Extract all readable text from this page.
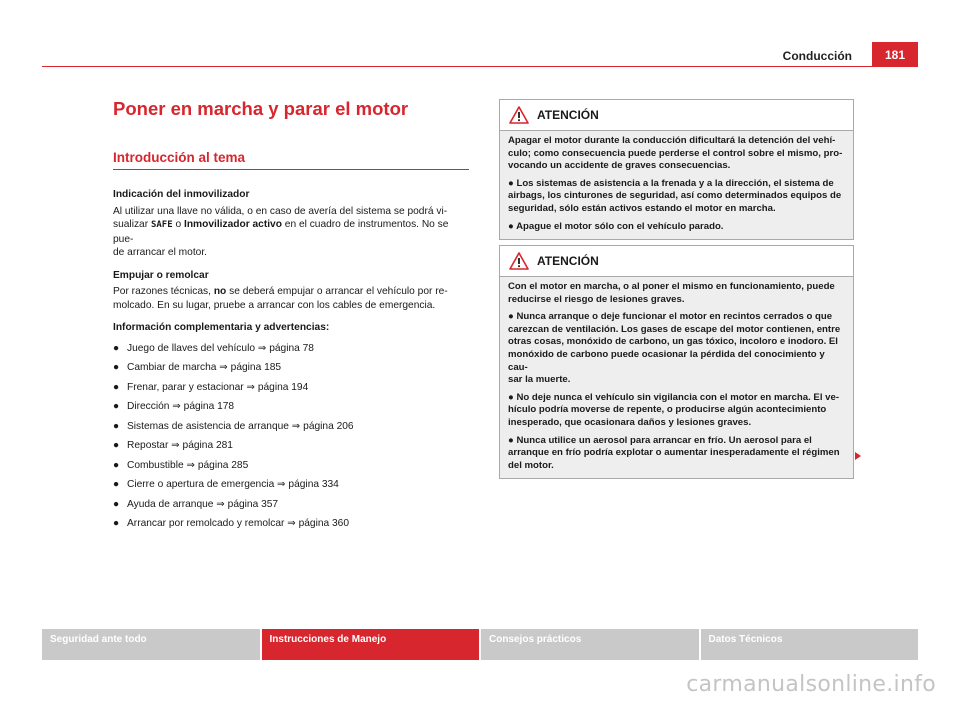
Conducción	181
Poner en marcha y parar el motor
Introducción al tema

Indicación del inmovilizador

Al utilizar una llave no válida, o en caso de avería del sistema se podrá vi-
sualizar SAFE o Inmovilizador activo en el cuadro de instrumentos. No se pue-
de arrancar el motor.

Empujar o remolcar

Por razones técnicas, no se deberá empujar o arrancar el vehículo por re-
molcado. En su lugar, pruebe a arrancar con los cables de emergencia.

Información complementaria y advertencias:

● Juego de llaves del vehículo ⇒ página 78

● Cambiar de marcha ⇒ página 185

● Frenar, parar y estacionar ⇒ página 194

● Dirección ⇒ página 178

● Sistemas de asistencia de arranque ⇒ página 206

● Repostar ⇒ página 281

● Combustible ⇒ página 285

● Cierre o apertura de emergencia ⇒ página 334

● Ayuda de arranque ⇒ página 357

● Arrancar por remolcado y remolcar ⇒ página 360

ATENCIÓN

Apagar el motor durante la conducción dificultará la detención del vehí-
culo; como consecuencia puede perderse el control sobre el mismo, pro-
vocando un accidente de graves consecuencias.

● Los sistemas de asistencia a la frenada y a la dirección, el sistema de
airbags, los cinturones de seguridad, así como determinados equipos de
seguridad, sólo están activos estando el motor en marcha.

● Apague el motor sólo con el vehículo parado.

ATENCIÓN

Con el motor en marcha, o al poner el mismo en funcionamiento, puede
reducirse el riesgo de lesiones graves.

● Nunca arranque o deje funcionar el motor en recintos cerrados o que
carezcan de ventilación. Los gases de escape del motor contienen, entre
otras cosas, monóxido de carbono, un gas tóxico, incoloro e inodoro. El
monóxido de carbono puede ocasionar la pérdida del conocimiento y cau-
sar la muerte.

● No deje nunca el vehículo sin vigilancia con el motor en marcha. El ve-
hículo podría moverse de repente, o producirse algún acontecimiento
inesperado, que ocasionara daños y lesiones graves.

● Nunca utilice un aerosol para arrancar en frío. Un aerosol para el
arranque en frío podría explotar o aumentar inesperadamente el régimen
del motor.

Seguridad ante todo	Instrucciones de Manejo	Consejos prácticos	Datos Técnicos
carmanualsonline.info
